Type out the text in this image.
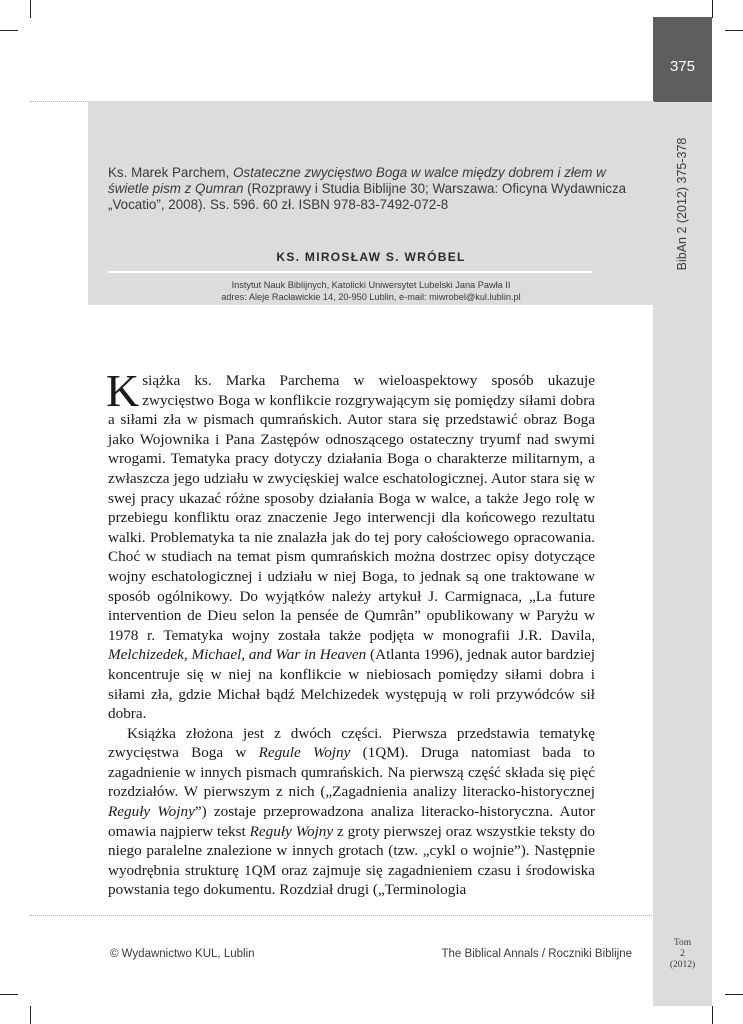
375
BibAn 2 (2012) 375-378
Ks. Marek Parchem, Ostateczne zwycięstwo Boga w walce między dobrem i złem w świetle pism z Qumran (Rozprawy i Studia Biblijne 30; Warszawa: Oficyna Wydawnicza „Vocatio”, 2008). Ss. 596. 60 zł. ISBN 978-83-7492-072-8
KS. MIROSŁAW S. WRÓBEL
Instytut Nauk Biblijnych, Katolicki Uniwersytet Lubelski Jana Pawła II
adres: Aleje Racławickie 14, 20-950 Lublin, e-mail: miwrobel@kul.lublin.pl

Książka ks. Marka Parchema w wieloaspektowy sposób ukazuje zwycięstwo Boga w konflikcie rozgrywającym się pomiędzy siłami dobra a siłami zła w pismach qumrańskich. Autor stara się przedstawić obraz Boga jako Wojownika i Pana Zastępów odnoszącego ostateczny tryumf nad swymi wrogami. Tematyka pracy dotyczy działania Boga o charakterze militarnym, a zwłaszcza jego udziału w zwycięskiej walce eschatologicznej. Autor stara się w swej pracy ukazać różne sposoby działania Boga w walce, a także Jego rolę w przebiegu konfliktu oraz znaczenie Jego interwencji dla końcowego rezultatu walki. Problematyka ta nie znalazła jak do tej pory całościowego opracowania. Choć w studiach na temat pism qumrańskich można dostrzec opisy dotyczące wojny eschatologicznej i udziału w niej Boga, to jednak są one traktowane w sposób ogólnikowy. Do wyjątków należy artykuł J. Carmignaca, „La future intervention de Dieu selon la pensée de Qumrân” opublikowany w Paryżu w 1978 r. Tematyka wojny została także podjęta w monografii J.R. Davila, Melchizedek, Michael, and War in Heaven (Atlanta 1996), jednak autor bardziej koncentruje się w niej na konflikcie w niebiosach pomiędzy siłami dobra i siłami zła, gdzie Michał bądź Melchizedek występują w roli przywódców sił dobra.

Książka złożona jest z dwóch części. Pierwsza przedstawia tematykę zwycięstwa Boga w Regule Wojny (1QM). Druga natomiast bada to zagadnienie w innych pismach qumrańskich. Na pierwszą część składa się pięć rozdziałów. W pierwszym z nich („Zagadnienia analizy literacko-historycznej Reguły Wojny”) zostaje przeprowadzona analiza literacko-historyczna. Autor omawia najpierw tekst Reguły Wojny z groty pierwszej oraz wszystkie teksty do niego paralelne znalezione w innych grotach (tzw. „cykl o wojnie”). Następnie wyodrębnia strukturę 1QM oraz zajmuje się zagadnieniem czasu i środowiska powstania tego dokumentu. Rozdział drugi („Terminologia

© Wydawnictwo KUL, Lublin	The Biblical Annals / Roczniki Biblijne
Tom
2
(2012)
